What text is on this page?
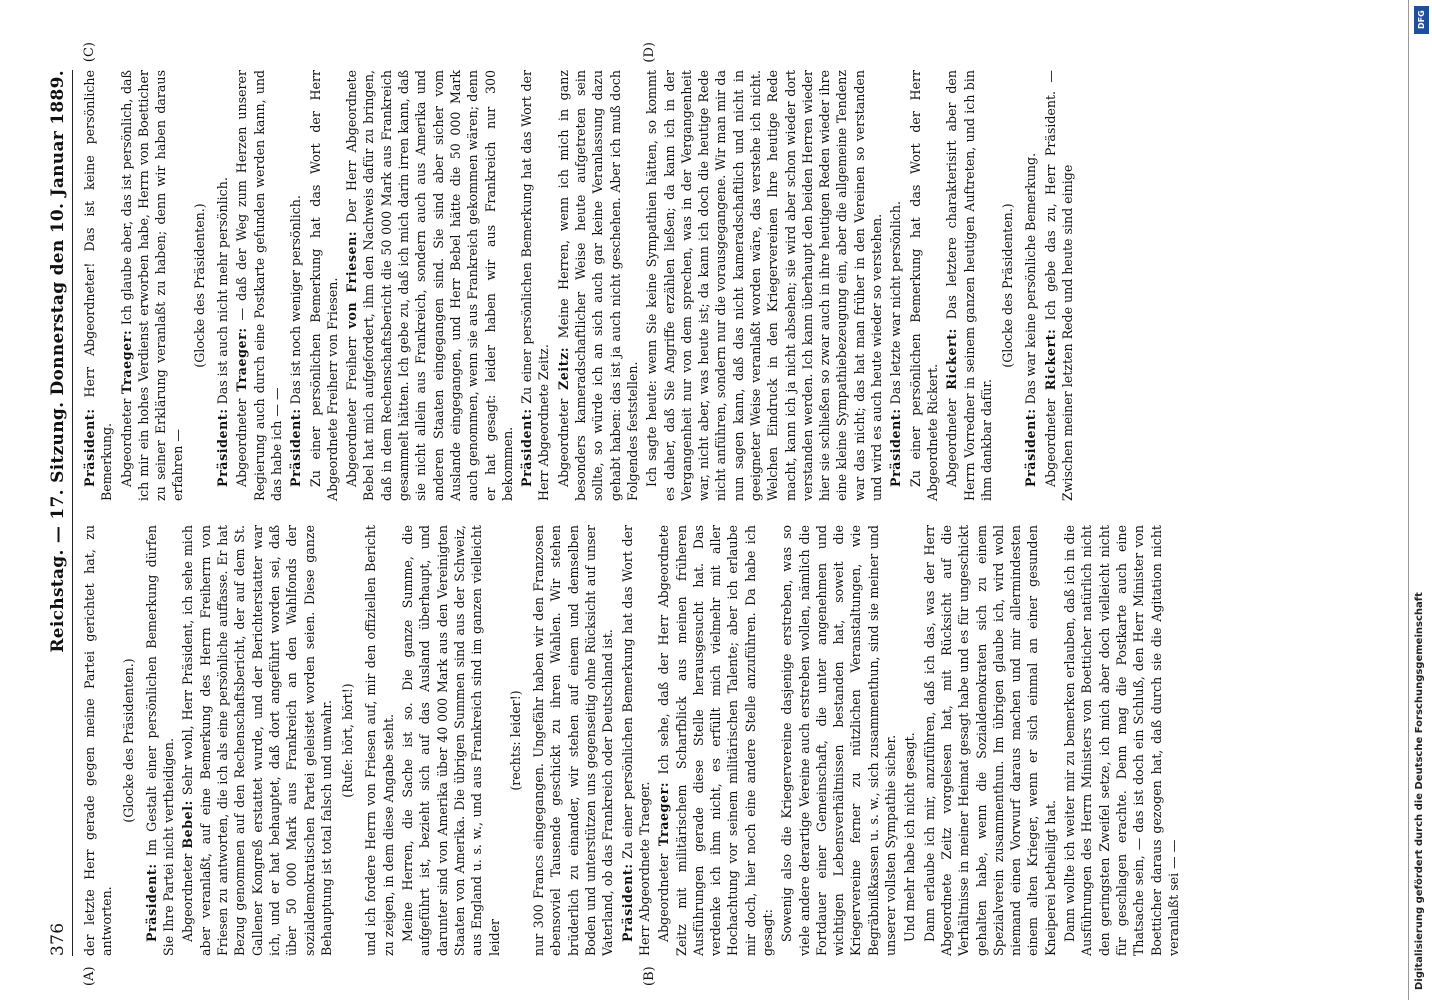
376
Reichstag. — 17. Sitzung. Donnerstag den 10. Januar 1889.
(A)	(B)

der letzte Herr gerade gegen meine Partei gerichtet hat, zu antworten.

(Glocke des Präsidenten.)

Präsident: Im Gestalt einer persönlichen Bemerkung dürfen Sie Ihre Partei nicht vertheidigen. Abgeordneter Bebel: Sehr wohl, Herr Präsident, ich sehe mich aber veranlaßt, auf eine Bemerkung des Herrn Freiherrn von Friesen zu antworten, die ich als eine persönliche auffasse. Er hat Bezug genommen auf den Rechenschaftsbericht, der auf dem St. Gallener Kongreß erstattet wurde, und der Berichterstatter war ich, und er hat behauptet, daß dort angeführt worden sei, daß über 50 000 Mark aus Frankreich an den Wahlfonds der sozialdemokratischen Partei geleistet worden seien. Diese ganze Behauptung ist total falsch und unwahr. (Rufe: hört, hört!) und ich fordere Herrn von Friesen auf, mir den offiziellen Bericht zu zeigen, in dem diese Angabe steht. Meine Herren, die Sache ist so. Die ganze Summe, die aufgeführt ist, bezieht sich auf das Ausland überhaupt, und darunter sind von Amerika über 40 000 Mark aus den Vereinigten Staaten von Amerika. Die übrigen Summen sind aus der Schweiz, aus England u. s. w., und aus Frankreich sind im ganzen vielleicht leider

(rechts: leider!) nur 300 Francs eingegangen. Ungefähr haben wir den Franzosen ebensoviel Tausende geschickt zu ihren Wahlen. Wir stehen brüderlich zu einander, wir stehen auf einem und demselben Boden und unterstützen uns gegenseitig ohne Rücksicht auf unser Vaterland, ob das Frankreich oder Deutschland ist. Präsident: Zu einer persönlichen Bemerkung hat das Wort der Herr Abgeordnete Traeger. Abgeordneter Traeger: Ich sehe, daß der Herr Abgeordnete Zeitz mit militärischem Scharfblick aus meinen früheren Ausführungen gerade diese Stelle herausgesucht hat. Das verdenke ich ihm nicht, es erfüllt mich vielmehr mit aller Hochachtung vor seinem militärischen Talente; aber ich erlaube mir doch, hier noch eine andere Stelle anzuführen. Da habe ich gesagt: Sowenig also die Kriegervereine dasjenige erstreben, was so viele andere derartige Vereine auch erstreben wollen, nämlich die Fortdauer einer Gemeinschaft, die unter angenehmen und wichtigen Lebensverhältnissen bestanden hat, soweit die Kriegervereine ferner zu nützlichen Veranstaltungen, wie Begräbnißkassen u. s. w., sich zusammenthun, sind sie meiner und unserer vollsten Sympathie sicher. Und mehr habe ich nicht gesagt. Dann erlaube ich mir, anzuführen, daß ich das, was der Herr Abgeordnete Zeitz vorgelesen hat, mit Rücksicht auf die Verhältnisse in meiner Heimat gesagt habe und es für ungeschickt gehalten habe, wenn die Sozialdemokraten sich zu einem Spezialverein zusammenthun. Im übrigen glaube ich, wird wohl niemand einen Vorwurf daraus machen und mir allermindesten einem alten Krieger, wenn er sich einmal an einer gesunden Kneiperei betheiligt hat. Dann wollte ich weiter mir zu bemerken erlauben, daß ich in die Ausführungen des Herrn Ministers von Boetticher natürlich nicht den geringsten Zweifel setze, ich mich aber doch vielleicht nicht für geschlagen erachte. Denn mag die Postkarte auch eine Thatsache sein, — das ist doch ein Schluß, den Herr Minister von Boetticher daraus gezogen hat, daß durch sie die Agitation nicht veranlaßt sei — —

(C)	(D)

Präsident: Herr Abgeordneter! Das ist keine persönliche Bemerkung. Abgeordneter Traeger: Ich glaube aber, das ist persönlich, daß ich mir ein hohes Verdienst erworben habe, Herrn von Boetticher zu seiner Erklärung veranlaßt zu haben; denn wir haben daraus erfahren —

(Glocke des Präsidenten.)

Präsident: Das ist auch nicht mehr persönlich.

Abgeordneter Traeger: — daß der Weg zum Herzen unserer Regierung auch durch eine Postkarte gefunden werden kann, und das habe ich — — Präsident: Das ist noch weniger persönlich. Zu einer persönlichen Bemerkung hat das Wort der Herr Abgeordnete Freiherr von Friesen. Abgeordneter Freiherr von Friesen: Der Herr Abgeordnete Bebel hat mich aufgefordert, ihm den Nachweis dafür zu bringen, daß in dem Rechenschaftsbericht die 50 000 Mark aus Frankreich gesammelt hätten. Ich gebe zu, daß ich mich darin irren kann, daß sie nicht allein aus Frankreich, sondern auch aus Amerika und anderen Staaten eingegangen sind. Sie sind aber sicher vom Auslande eingegangen, und Herr Bebel hätte die 50 000 Mark auch genommen, wenn sie aus Frankreich gekommen wären; denn er hat gesagt: leider haben wir aus Frankreich nur 300 bekommen. Präsident: Zu einer persönlichen Bemerkung hat das Wort der Herr Abgeordnete Zeitz. Abgeordneter Zeitz: Meine Herren, wenn ich mich in ganz besonders kameradschaftlicher Weise heute aufgetreten sein sollte, so würde ich an sich auch gar keine Veranlassung dazu gehabt haben: das ist ja auch nicht geschehen. Aber ich muß doch Folgendes feststellen. Ich sagte heute: wenn Sie keine Sympathien hätten, so kommt es daher, daß Sie Angriffe erzählen ließen; da kann ich in der Vergangenheit nur von dem sprechen, was in der Vergangenheit war, nicht aber, was heute ist; da kann ich doch die heutige Rede nicht anführen, sondern nur die vorausgegangene. Wir man mir da nun sagen kann, daß das nicht kameradschaftlich und nicht in geeigneter Weise veranlaßt worden wäre, das verstehe ich nicht. Welchen Eindruck in den Kriegervereinen Ihre heutige Rede macht, kann ich ja nicht absehen; sie wird aber schon wieder dort verstanden werden. Ich kann überhaupt den beiden Herren wieder hier sie schließen so zwar auch in ihre heutigen Reden wieder ihre eine kleine Sympathiebezeugung ein, aber die allgemeine Tendenz war das nicht; das hat man früher in den Vereinen so verstanden und wird es auch heute wieder so verstehen. Präsident: Das letzte war nicht persönlich. Zu einer persönlichen Bemerkung hat das Wort der Herr Abgeordnete Rickert. Abgeordneter Rickert: Das letztere charakterisirt aber den Herrn Vorredner in seinem ganzen heutigen Auftreten, und ich bin ihm dankbar dafür.

(Glocke des Präsidenten.)

Präsident: Das war keine persönliche Bemerkung.

Abgeordneter Rickert: Ich gebe das zu, Herr Präsident. — Zwischen meiner letzten Rede und heute sind einige

DFG
Digitalisierung gefördert durch die Deutsche Forschungsgemeinschaft
